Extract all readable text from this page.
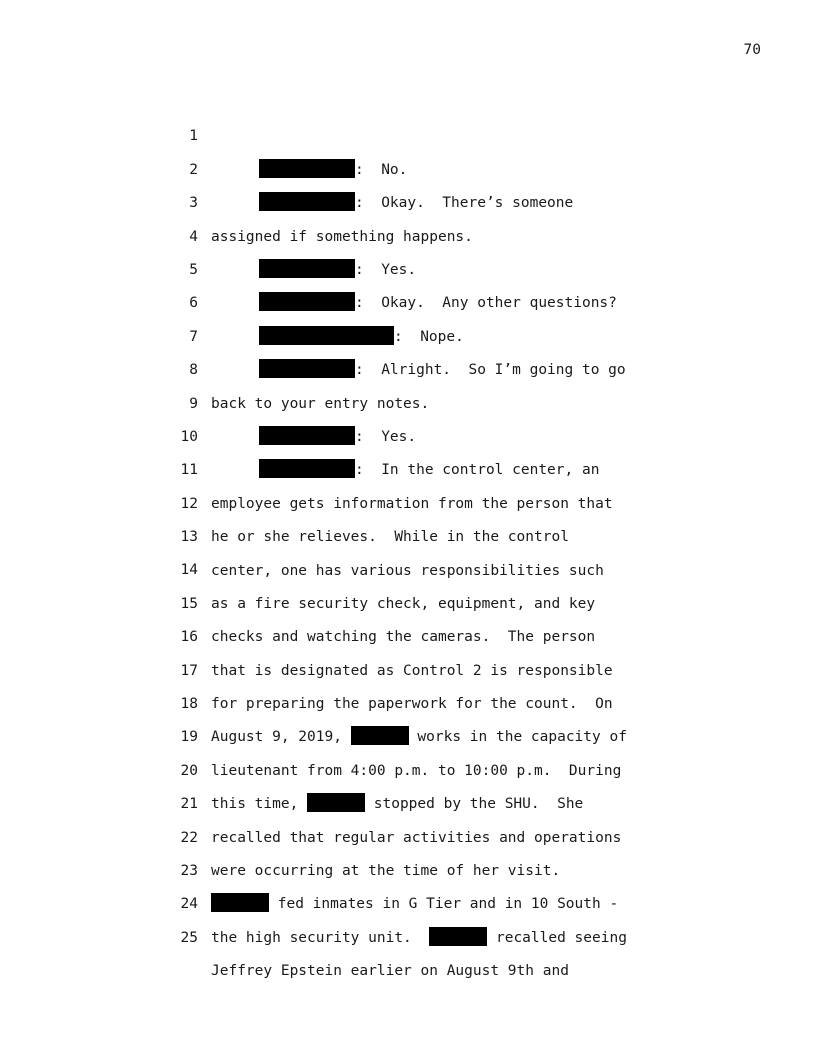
70

1

:  No.

2

:  Okay.  There’s someone

3

assigned if something happens.

4

:  Yes.

5

:  Okay.  Any other questions?

6

:  Nope.

7

:  Alright.  So I’m going to go

8

back to your entry notes.

9

:  Yes.

10

:  In the control center, an

11

employee gets information from the person that

12

he or she relieves.  While in the control

13

center, one has various responsibilities such

14

as a fire security check, equipment, and key

15

checks and watching the cameras.  The person

16

that is designated as Control 2 is responsible

17

for preparing the paperwork for the count.  On

18

August 9, 2019,	works in the capacity of

19

lieutenant from 4:00 p.m. to 10:00 p.m.  During

20

this time,	stopped by the SHU.  She

21

recalled that regular activities and operations

22

were occurring at the time of her visit.

23

fed inmates in G Tier and in 10 South -

24

the high security unit.	recalled seeing

25

Jeffrey Epstein earlier on August 9th and
